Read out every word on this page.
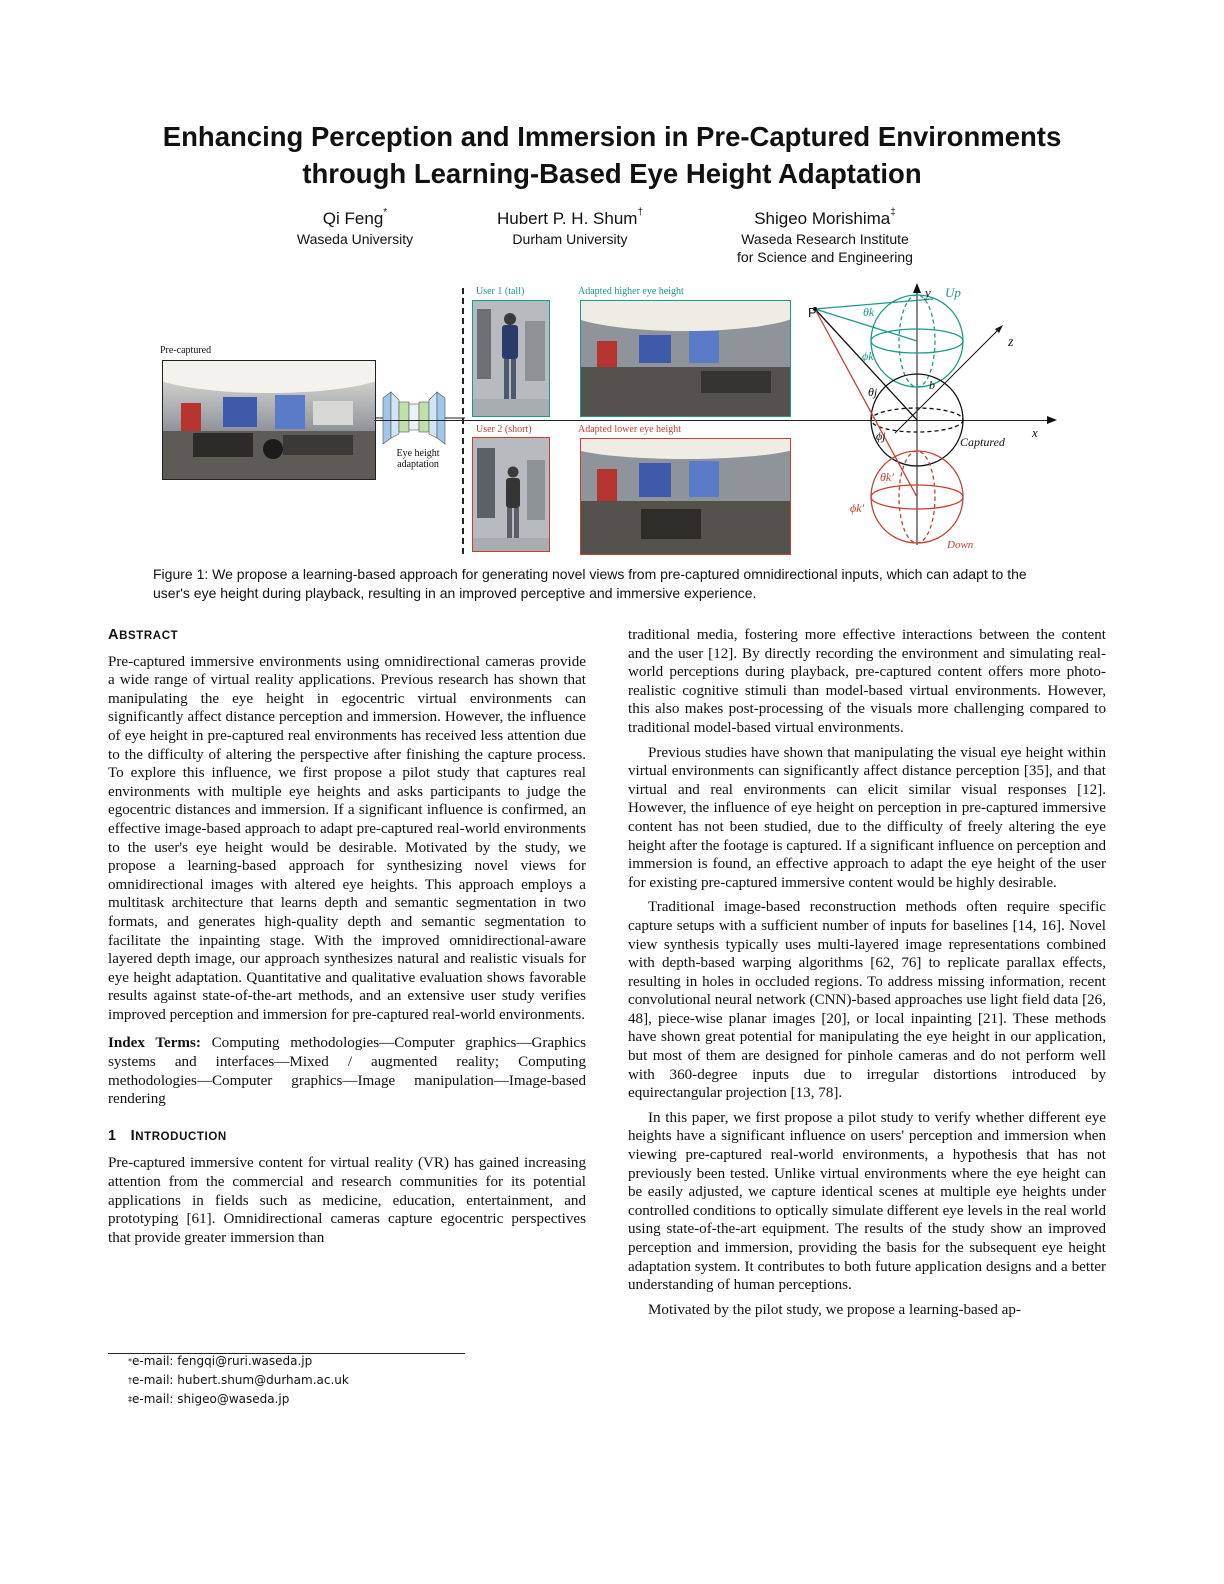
Enhancing Perception and Immersion in Pre-Captured Environments
through Learning-Based Eye Height Adaptation
Qi Feng*
Waseda University
Hubert P. H. Shum†
Durham University
Shigeo Morishima‡
Waseda Research Institute
for Science and Engineering
Pre-captured
Eye height
adaptation
User 1 (tall)
User 2 (short)
Adapted higher eye height
Adapted lower eye height
P
y Up
z
x
Captured
Down
b
θk
ϕk
θj
ϕj
θk′
ϕk′
Figure 1: We propose a learning-based approach for generating novel views from pre-captured omnidirectional inputs, which can adapt to the user's eye height during playback, resulting in an improved perceptive and immersive experience.
ABSTRACT

Pre-captured immersive environments using omnidirectional cameras provide a wide range of virtual reality applications. Previous research has shown that manipulating the eye height in egocentric virtual environments can significantly affect distance perception and immersion. However, the influence of eye height in pre-captured real environments has received less attention due to the difficulty of altering the perspective after finishing the capture process. To explore this influence, we first propose a pilot study that captures real environments with multiple eye heights and asks participants to judge the egocentric distances and immersion. If a significant influence is confirmed, an effective image-based approach to adapt pre-captured real-world environments to the user's eye height would be desirable. Motivated by the study, we propose a learning-based approach for synthesizing novel views for omnidirectional images with altered eye heights. This approach employs a multitask architecture that learns depth and semantic segmentation in two formats, and generates high-quality depth and semantic segmentation to facilitate the inpainting stage. With the improved omnidirectional-aware layered depth image, our approach synthesizes natural and realistic visuals for eye height adaptation. Quantitative and qualitative evaluation shows favorable results against state-of-the-art methods, and an extensive user study verifies improved perception and immersion for pre-captured real-world environments.

Index Terms: Computing methodologies—Computer graphics—Graphics systems and interfaces—Mixed / augmented reality; Computing methodologies—Computer graphics—Image manipulation—Image-based rendering

1 INTRODUCTION

Pre-captured immersive content for virtual reality (VR) has gained increasing attention from the commercial and research communities for its potential applications in fields such as medicine, education, entertainment, and prototyping [61]. Omnidirectional cameras capture egocentric perspectives that provide greater immersion than

*e-mail: fengqi@ruri.waseda.jp
†e-mail: hubert.shum@durham.ac.uk
‡e-mail: shigeo@waseda.jp

traditional media, fostering more effective interactions between the content and the user [12]. By directly recording the environment and simulating real-world perceptions during playback, pre-captured content offers more photo-realistic cognitive stimuli than model-based virtual environments. However, this also makes post-processing of the visuals more challenging compared to traditional model-based virtual environments.

Previous studies have shown that manipulating the visual eye height within virtual environments can significantly affect distance perception [35], and that virtual and real environments can elicit similar visual responses [12]. However, the influence of eye height on perception in pre-captured immersive content has not been studied, due to the difficulty of freely altering the eye height after the footage is captured. If a significant influence on perception and immersion is found, an effective approach to adapt the eye height of the user for existing pre-captured immersive content would be highly desirable.

Traditional image-based reconstruction methods often require specific capture setups with a sufficient number of inputs for baselines [14, 16]. Novel view synthesis typically uses multi-layered image representations combined with depth-based warping algorithms [62, 76] to replicate parallax effects, resulting in holes in occluded regions. To address missing information, recent convolutional neural network (CNN)-based approaches use light field data [26, 48], piece-wise planar images [20], or local inpainting [21]. These methods have shown great potential for manipulating the eye height in our application, but most of them are designed for pinhole cameras and do not perform well with 360-degree inputs due to irregular distortions introduced by equirectangular projection [13, 78].

In this paper, we first propose a pilot study to verify whether different eye heights have a significant influence on users' perception and immersion when viewing pre-captured real-world environments, a hypothesis that has not previously been tested. Unlike virtual environments where the eye height can be easily adjusted, we capture identical scenes at multiple eye heights under controlled conditions to optically simulate different eye levels in the real world using state-of-the-art equipment. The results of the study show an improved perception and immersion, providing the basis for the subsequent eye height adaptation system. It contributes to both future application designs and a better understanding of human perceptions.

Motivated by the pilot study, we propose a learning-based ap-
